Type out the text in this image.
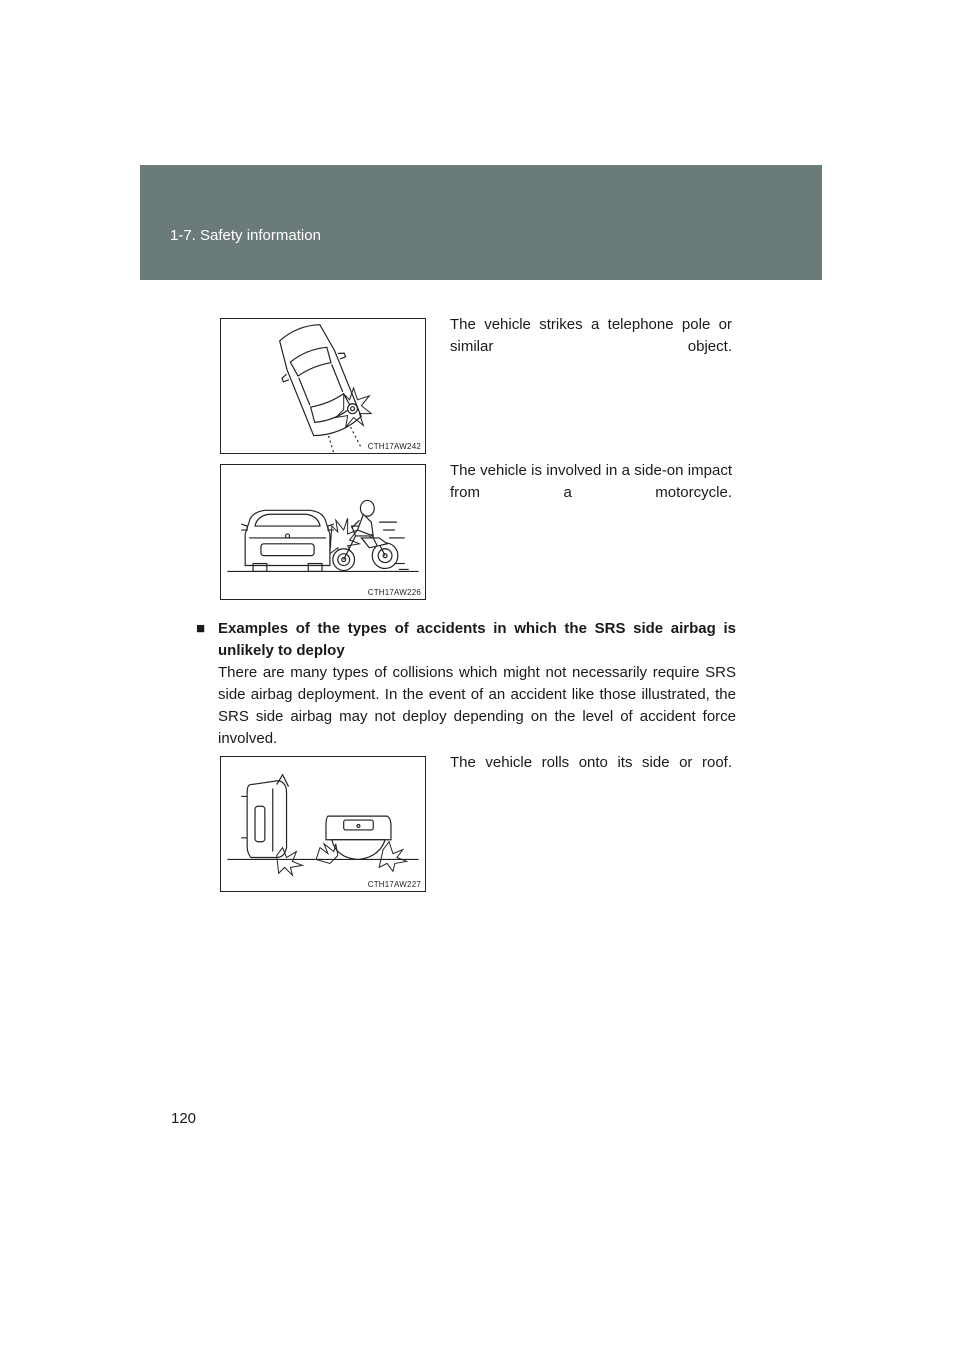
1-7. Safety information
CTH17AW242
The vehicle strikes a telephone pole or similar object.
CTH17AW226
The vehicle is involved in a side-on impact from a motorcycle.
■ Examples of the types of accidents in which the SRS side airbag is unlikely to deploy
There are many types of collisions which might not necessarily require SRS side airbag deployment. In the event of an accident like those illustrated, the SRS side airbag may not deploy depending on the level of accident force involved.
CTH17AW227
The vehicle rolls onto its side or roof.
120
